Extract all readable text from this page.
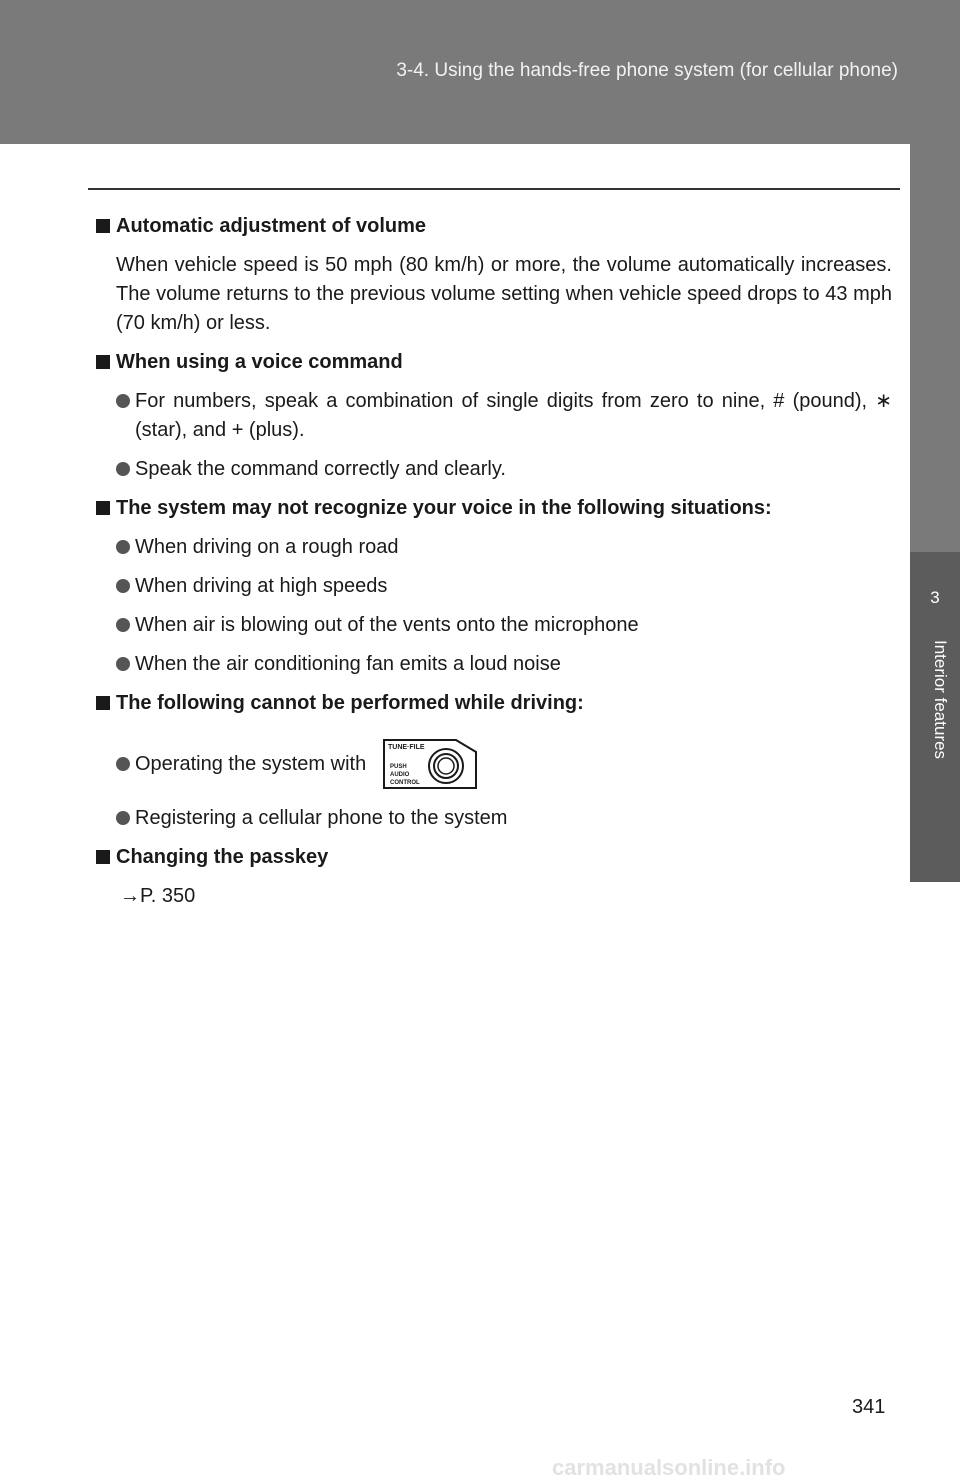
3-4. Using the hands-free phone system (for cellular phone)
3
Interior features
Automatic adjustment of volume
When vehicle speed is 50 mph (80 km/h) or more, the volume automatically increases. The volume returns to the previous volume setting when vehicle speed drops to 43 mph (70 km/h) or less.
When using a voice command
For numbers, speak a combination of single digits from zero to nine, # (pound), ∗ (star), and + (plus).
Speak the command correctly and clearly.
The system may not recognize your voice in the following situations:
When driving on a rough road
When driving at high speeds
When air is blowing out of the vents onto the microphone
When the air conditioning fan emits a loud noise
The following cannot be performed while driving:
Operating the system with
TUNE·FILE
PUSH
AUDIO
CONTROL
Registering a cellular phone to the system
Changing the passkey
→P. 350
341
carmanualsonline.info
